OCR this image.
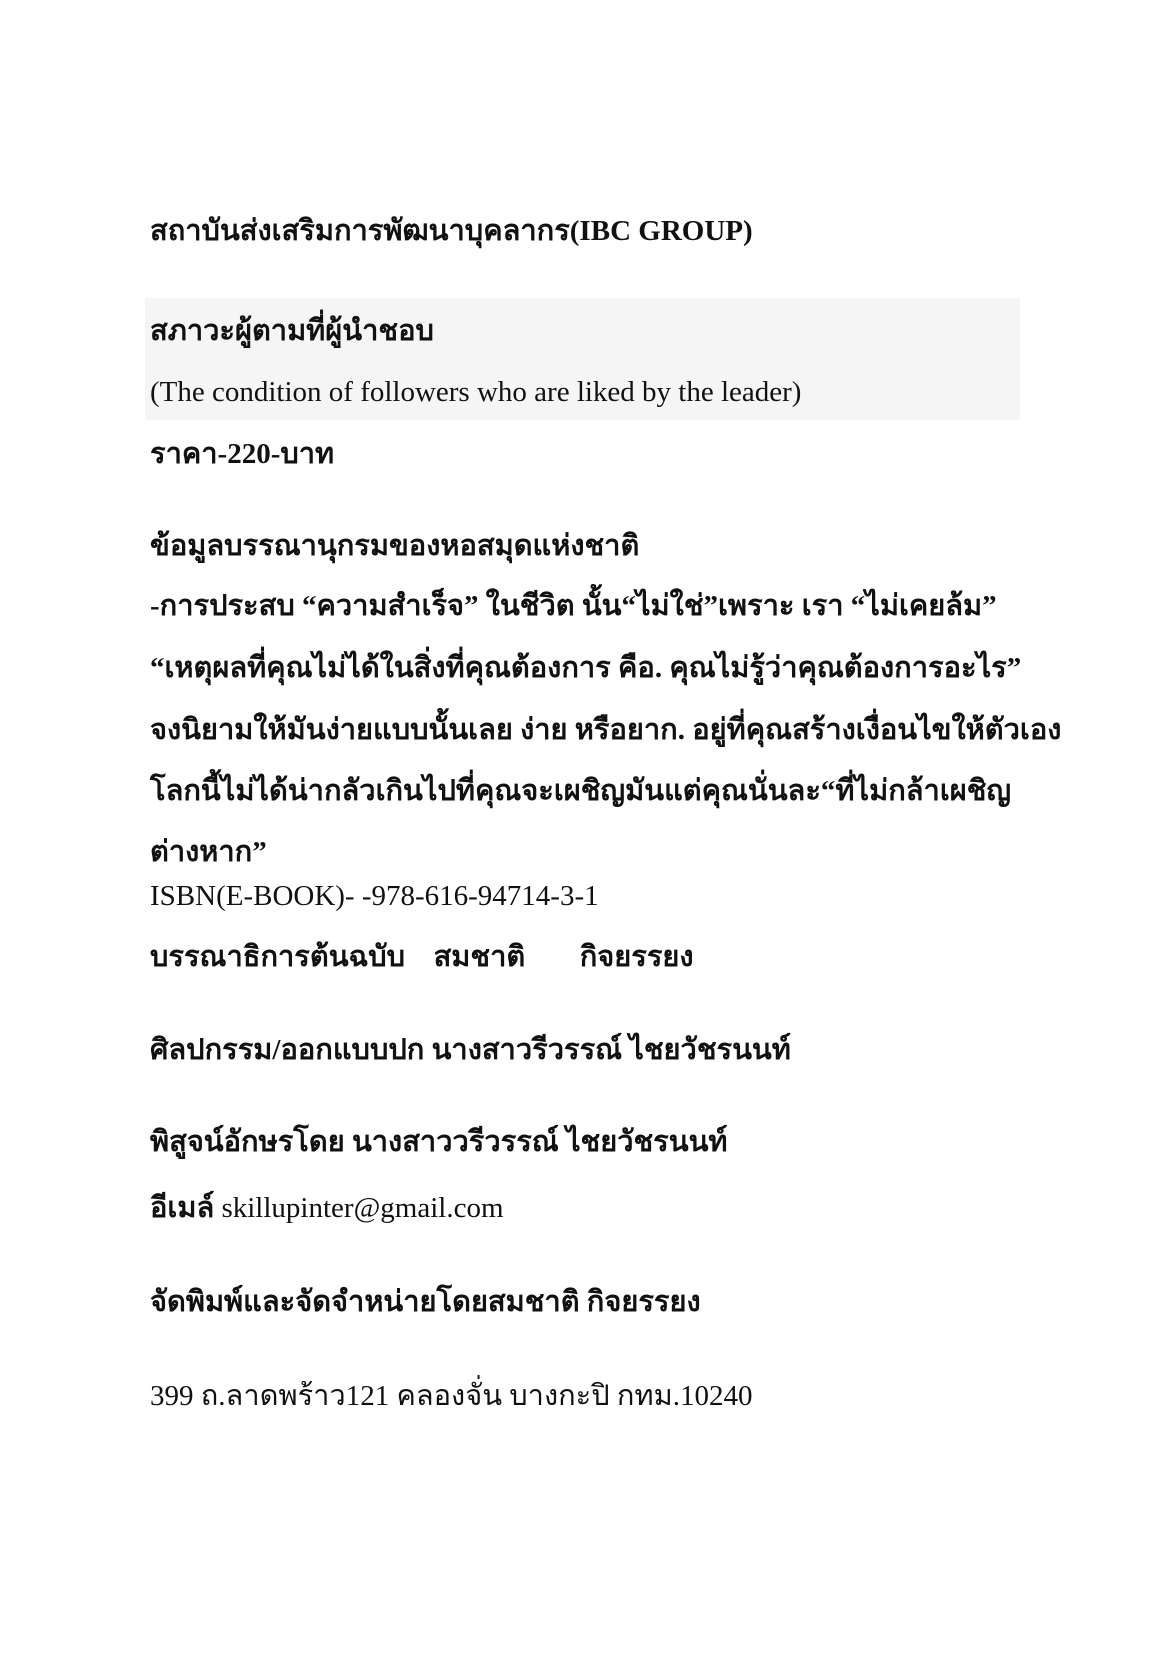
สถาบันส่งเสริมการพัฒนาบุคลากร(IBC GROUP)
สภาวะผู้ตามที่ผู้นำชอบ
(The condition of followers who are liked by the leader)
ราคา-220-บาท
ข้อมูลบรรณานุกรมของหอสมุดแห่งชาติ
-การประสบ “ความสำเร็จ” ในชีวิต นั้น“ไม่ใช่”เพราะ เรา “ไม่เคยล้ม”
“เหตุผลที่คุณไม่ได้ในสิ่งที่คุณต้องการ คือ. คุณไม่รู้ว่าคุณต้องการอะไร”
จงนิยามให้มันง่ายแบบนั้นเลย ง่าย หรือยาก. อยู่ที่คุณสร้างเงื่อนไขให้ตัวเอง
โลกนี้ไม่ได้น่ากลัวเกินไปที่คุณจะเผชิญมันแต่คุณนั่นละ“ที่ไม่กล้าเผชิญ
ต่างหาก”
ISBN(E-BOOK)- -978-616-94714-3-1
บรรณาธิการต้นฉบับ สมชาติ กิจยรรยง
ศิลปกรรม/ออกแบบปก นางสาวรีวรรณ์ ไชยวัชรนนท์
พิสูจน์อักษรโดย นางสาววรีวรรณ์ ไชยวัชรนนท์
อีเมล์ skillupinter@gmail.com
จัดพิมพ์และจัดจำหน่ายโดยสมชาติ กิจยรรยง
399 ถ.ลาดพร้าว121 คลองจั่น บางกะปิ กทม.10240
